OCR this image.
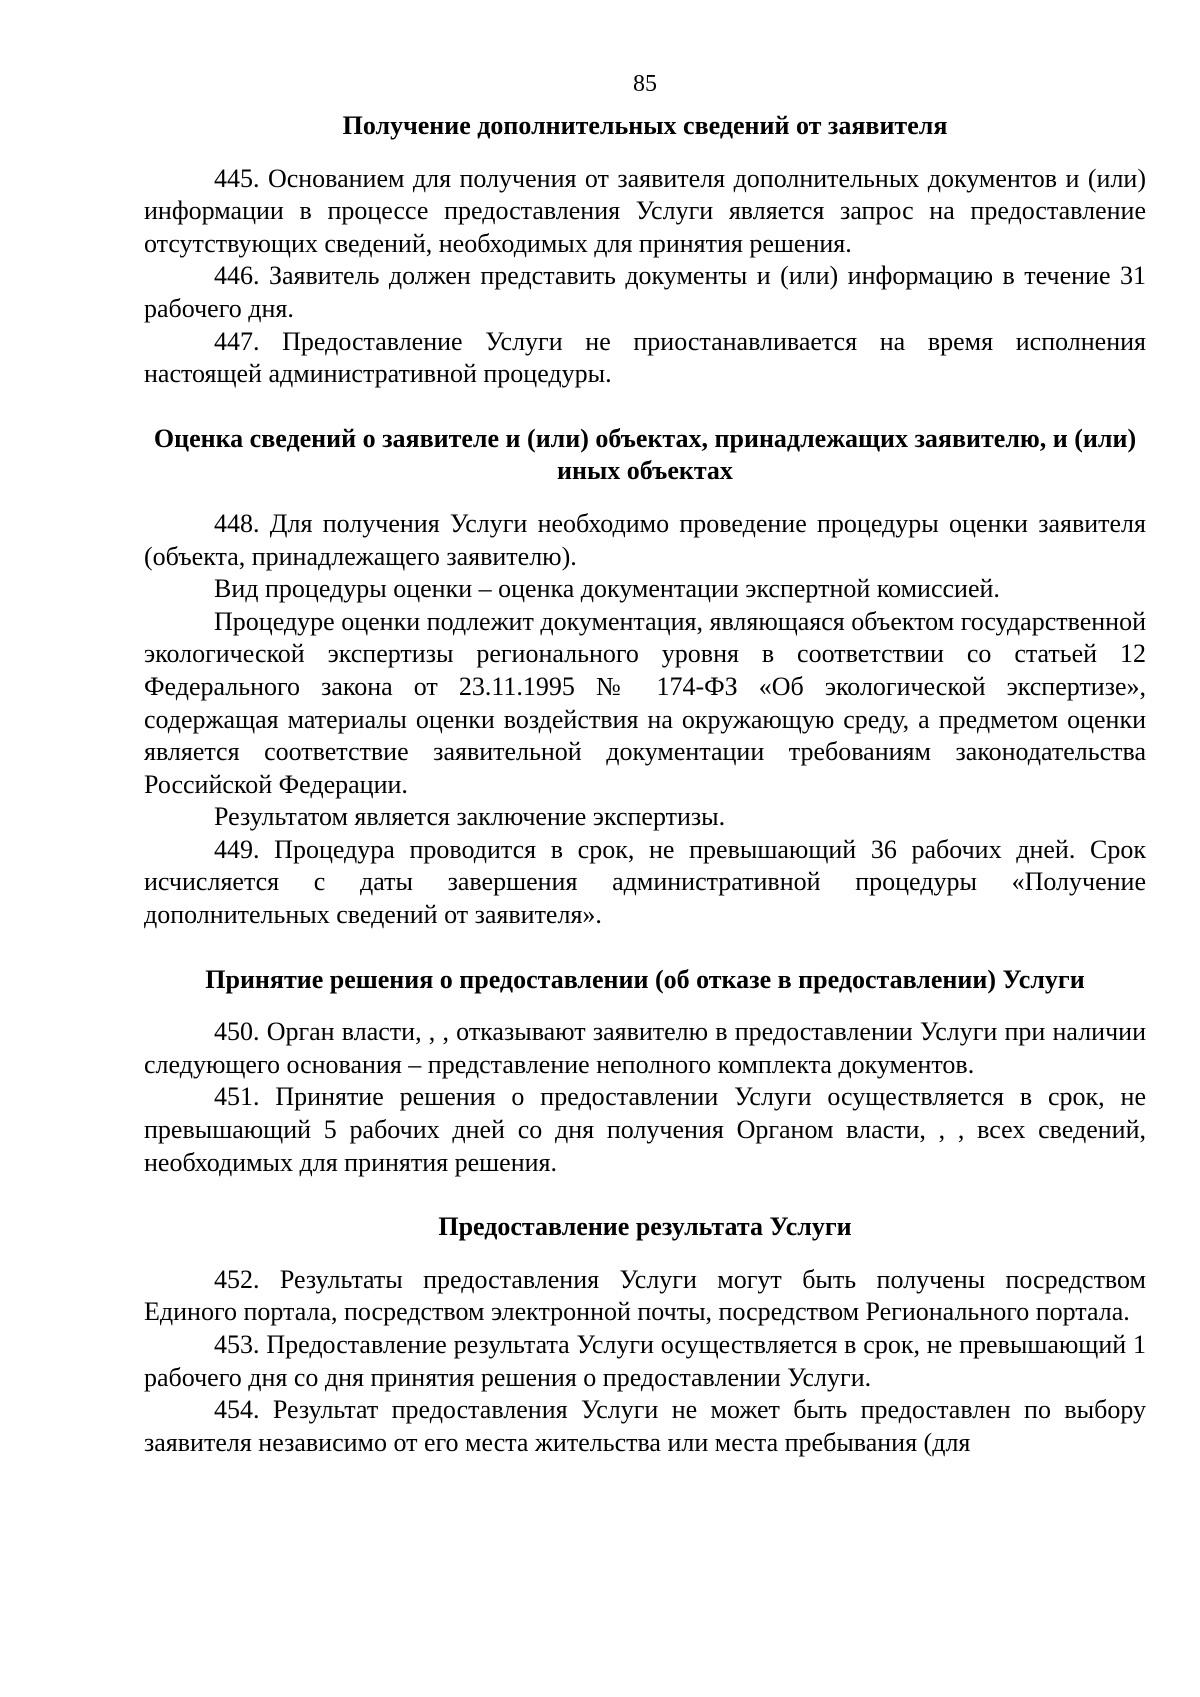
85
Получение дополнительных сведений от заявителя

445. Основанием для получения от заявителя дополнительных документов и (или) информации в процессе предоставления Услуги является запрос на предоставление отсутствующих сведений, необходимых для принятия решения.

446. Заявитель должен представить документы и (или) информацию в течение 31 рабочего дня.

447. Предоставление Услуги не приостанавливается на время исполнения настоящей административной процедуры.

Оценка сведений о заявителе и (или) объектах, принадлежащих заявителю, и (или) иных объектах

448. Для получения Услуги необходимо проведение процедуры оценки заявителя (объекта, принадлежащего заявителю).

Вид процедуры оценки – оценка документации экспертной комиссией.

Процедуре оценки подлежит документация, являющаяся объектом государственной экологической экспертизы регионального уровня в соответствии со статьей 12 Федерального закона от 23.11.1995 № 174-ФЗ «Об экологической экспертизе», содержащая материалы оценки воздействия на окружающую среду, а предметом оценки является соответствие заявительной документации требованиям законодательства Российской Федерации.

Результатом является заключение экспертизы.

449. Процедура проводится в срок, не превышающий 36 рабочих дней. Срок исчисляется с даты завершения административной процедуры «Получение дополнительных сведений от заявителя».

Принятие решения о предоставлении (об отказе в предоставлении) Услуги

450. Орган власти, , , отказывают заявителю в предоставлении Услуги при наличии следующего основания – представление неполного комплекта документов.

451. Принятие решения о предоставлении Услуги осуществляется в срок, не превышающий 5 рабочих дней со дня получения Органом власти, , , всех сведений, необходимых для принятия решения.

Предоставление результата Услуги

452. Результаты предоставления Услуги могут быть получены посредством Единого портала, посредством электронной почты, посредством Регионального портала.

453. Предоставление результата Услуги осуществляется в срок, не превышающий 1 рабочего дня со дня принятия решения о предоставлении Услуги.

454. Результат предоставления Услуги не может быть предоставлен по выбору заявителя независимо от его места жительства или места пребывания (для
